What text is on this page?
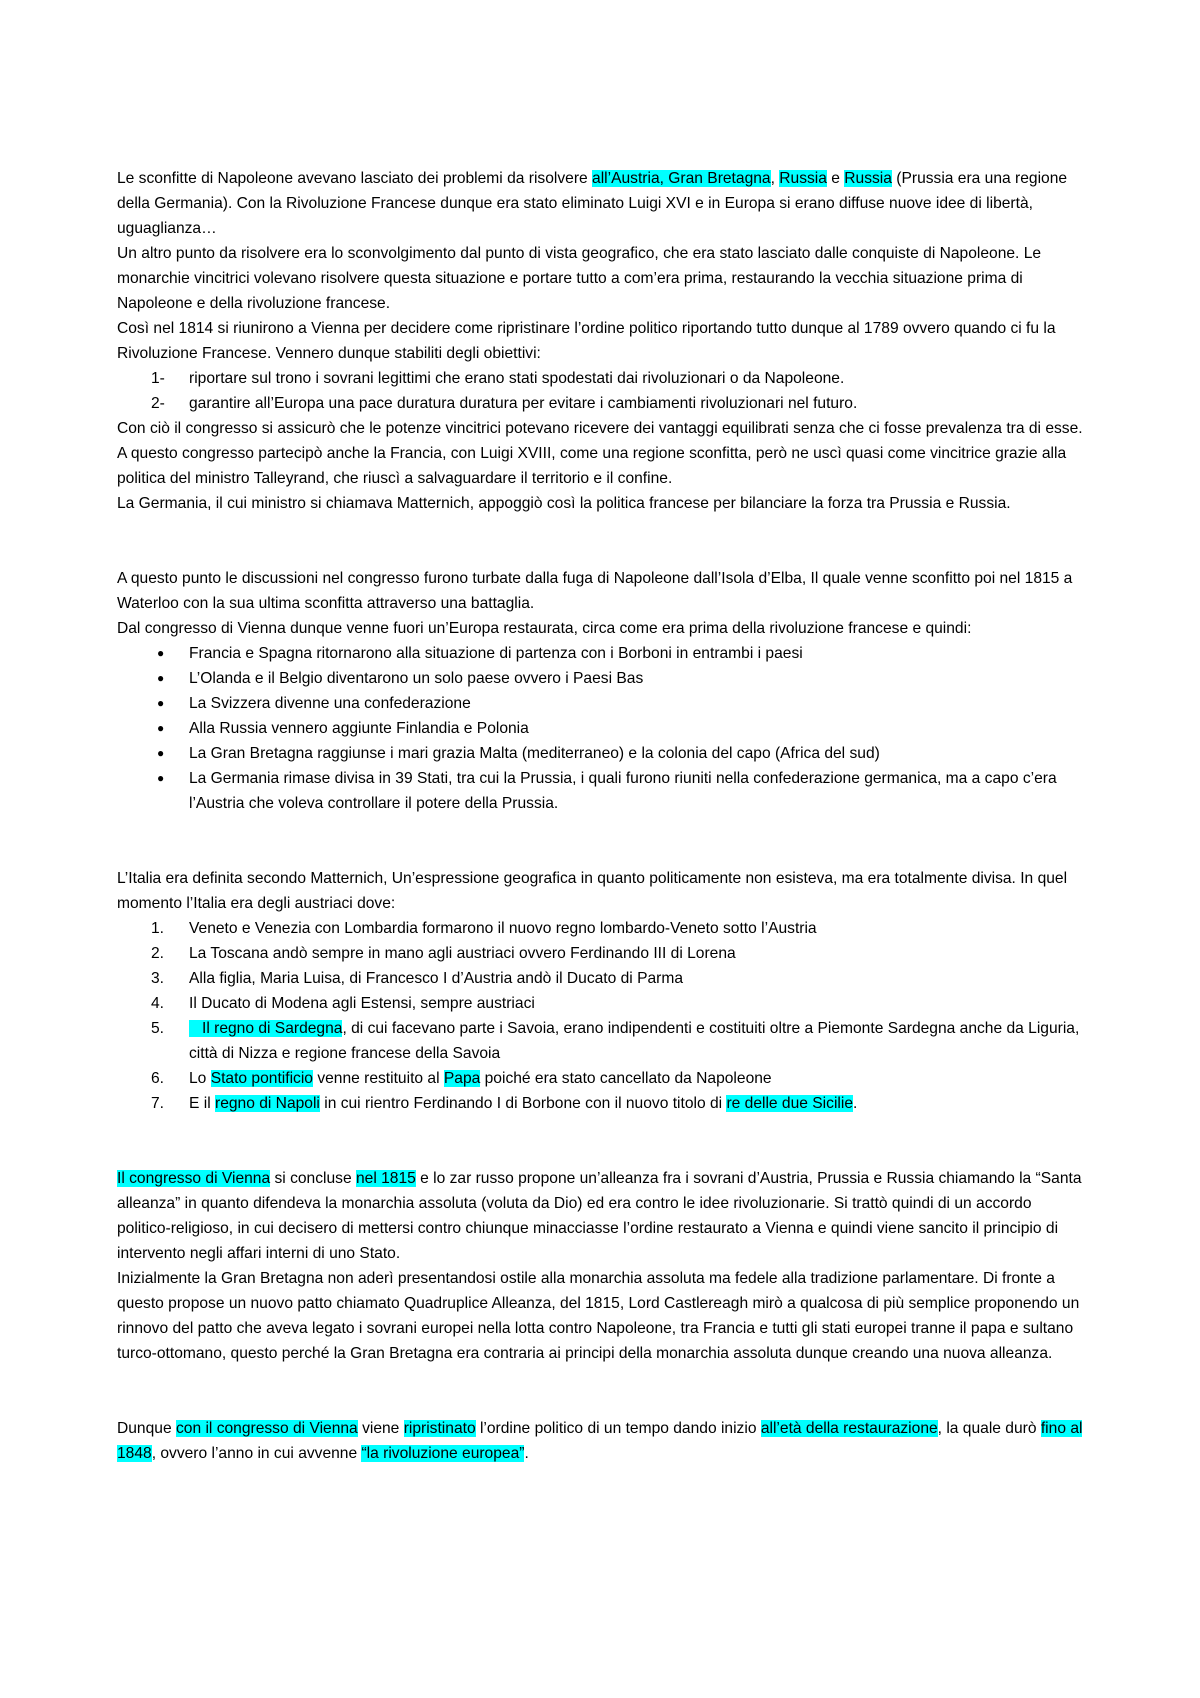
Le sconfitte di Napoleone avevano lasciato dei problemi da risolvere all’Austria, Gran Bretagna, Russia e Russia (Prussia era una regione della Germania). Con la Rivoluzione Francese dunque era stato eliminato Luigi XVI e in Europa si erano diffuse nuove idee di libertà, uguaglianza…

Un altro punto da risolvere era lo sconvolgimento dal punto di vista geografico, che era stato lasciato dalle conquiste di Napoleone. Le monarchie vincitrici volevano risolvere questa situazione e portare tutto a com’era prima, restaurando la vecchia situazione prima di Napoleone e della rivoluzione francese.

Così nel 1814 si riunirono a Vienna per decidere come ripristinare l’ordine politico riportando tutto dunque al 1789 ovvero quando ci fu la Rivoluzione Francese. Vennero dunque stabiliti degli obiettivi:

1- riportare sul trono i sovrani legittimi che erano stati spodestati dai rivoluzionari o da Napoleone.
2- garantire all’Europa una pace duratura duratura per evitare i cambiamenti rivoluzionari nel futuro.

Con ciò il congresso si assicurò che le potenze vincitrici potevano ricevere dei vantaggi equilibrati senza che ci fosse prevalenza tra di esse. A questo congresso partecipò anche la Francia, con Luigi XVIII, come una regione sconfitta, però ne uscì quasi come vincitrice grazie alla politica del ministro Talleyrand, che riuscì a salvaguardare il territorio e il confine.

La Germania, il cui ministro si chiamava Matternich, appoggiò così la politica francese per bilanciare la forza tra Prussia e Russia.

A questo punto le discussioni nel congresso furono turbate dalla fuga di Napoleone dall’Isola d’Elba, Il quale venne sconfitto poi nel 1815 a Waterloo con la sua ultima sconfitta attraverso una battaglia.

Dal congresso di Vienna dunque venne fuori un’Europa restaurata, circa come era prima della rivoluzione francese e quindi:

● Francia e Spagna ritornarono alla situazione di partenza con i Borboni in entrambi i paesi
● L’Olanda e il Belgio diventarono un solo paese ovvero i Paesi Bas
● La Svizzera divenne una confederazione
● Alla Russia vennero aggiunte Finlandia e Polonia
● La Gran Bretagna raggiunse i mari grazia Malta (mediterraneo) e la colonia del capo (Africa del sud)
● La Germania rimase divisa in 39 Stati, tra cui la Prussia, i quali furono riuniti nella confederazione germanica, ma a capo c’era l’Austria che voleva controllare il potere della Prussia.

L’Italia era definita secondo Matternich, Un’espressione geografica in quanto politicamente non esisteva, ma era totalmente divisa. In quel momento l’Italia era degli austriaci dove:

1. Veneto e Venezia con Lombardia formarono il nuovo regno lombardo-Veneto sotto l’Austria
2. La Toscana andò sempre in mano agli austriaci ovvero Ferdinando III di Lorena
3. Alla figlia, Maria Luisa, di Francesco I d’Austria andò il Ducato di Parma
4. Il Ducato di Modena agli Estensi, sempre austriaci
5. Il regno di Sardegna, di cui facevano parte i Savoia, erano indipendenti e costituiti oltre a Piemonte Sardegna anche da Liguria, città di Nizza e regione francese della Savoia
6. Lo Stato pontificio venne restituito al Papa poiché era stato cancellato da Napoleone
7. E il regno di Napoli in cui rientro Ferdinando I di Borbone con il nuovo titolo di re delle due Sicilie.

Il congresso di Vienna si concluse nel 1815 e lo zar russo propone un’alleanza fra i sovrani d’Austria, Prussia e Russia chiamando la “Santa alleanza” in quanto difendeva la monarchia assoluta (voluta da Dio) ed era contro le idee rivoluzionarie. Si trattò quindi di un accordo politico-religioso, in cui decisero di mettersi contro chiunque minacciasse l’ordine restaurato a Vienna e quindi viene sancito il principio di intervento negli affari interni di uno Stato.

Inizialmente la Gran Bretagna non aderì presentandosi ostile alla monarchia assoluta ma fedele alla tradizione parlamentare. Di fronte a questo propose un nuovo patto chiamato Quadruplice Alleanza, del 1815, Lord Castlereagh mirò a qualcosa di più semplice proponendo un rinnovo del patto che aveva legato i sovrani europei nella lotta contro Napoleone, tra Francia e tutti gli stati europei tranne il papa e sultano turco-ottomano, questo perché la Gran Bretagna era contraria ai principi della monarchia assoluta dunque creando una nuova alleanza.

Dunque con il congresso di Vienna viene ripristinato l’ordine politico di un tempo dando inizio all’età della restaurazione, la quale durò fino al 1848, ovvero l’anno in cui avvenne “la rivoluzione europea”.
